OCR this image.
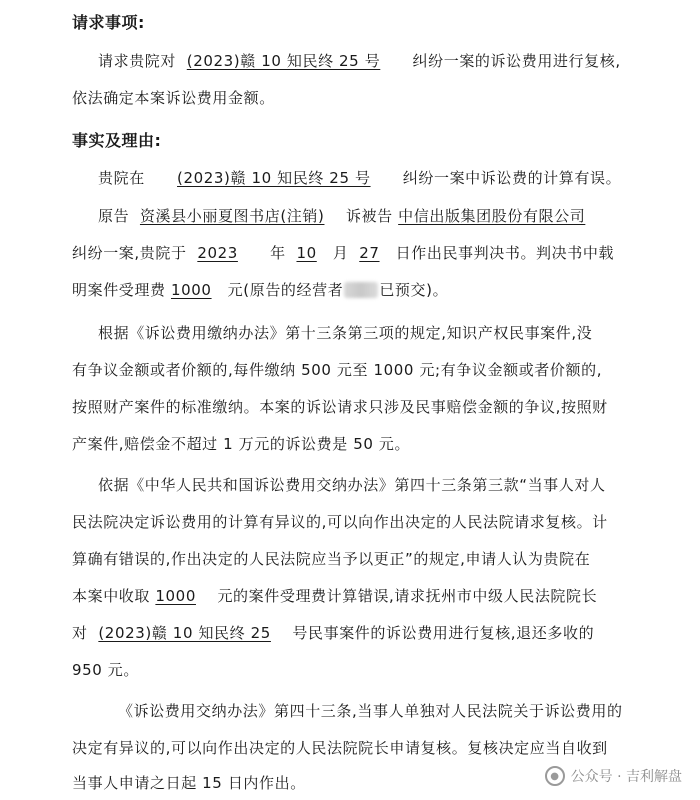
请求事项:
请求贵院对 (2023)赣 10 知民终 25 号 纠纷一案的诉讼费用进行复核,
依法确定本案诉讼费用金额。
事实及理由:
贵院在 (2023)赣 10 知民终 25 号 纠纷一案中诉讼费的计算有误。
原告 资溪县小丽夏图书店(注销) 诉被告 中信出版集团股份有限公司
纠纷一案,贵院于 2023 年 10 月 27 日作出民事判决书。判决书中载
明案件受理费 1000 元(原告的经营者 已预交)。
根据《诉讼费用缴纳办法》第十三条第三项的规定,知识产权民事案件,没
有争议金额或者价额的,每件缴纳 500 元至 1000 元;有争议金额或者价额的,
按照财产案件的标准缴纳。本案的诉讼请求只涉及民事赔偿金额的争议,按照财
产案件,赔偿金不超过 1 万元的诉讼费是 50 元。
依据《中华人民共和国诉讼费用交纳办法》第四十三条第三款“当事人对人
民法院决定诉讼费用的计算有异议的,可以向作出决定的人民法院请求复核。计
算确有错误的,作出决定的人民法院应当予以更正”的规定,申请人认为贵院在
本案中收取 1000 元的案件受理费计算错误,请求抚州市中级人民法院院长
对 (2023)赣 10 知民终 25 号民事案件的诉讼费用进行复核,退还多收的
950 元。
《诉讼费用交纳办法》第四十三条,当事人单独对人民法院关于诉讼费用的
决定有异议的,可以向作出决定的人民法院院长申请复核。复核决定应当自收到
当事人申请之日起 15 日内作出。	● 公众号 · 吉利解盘
